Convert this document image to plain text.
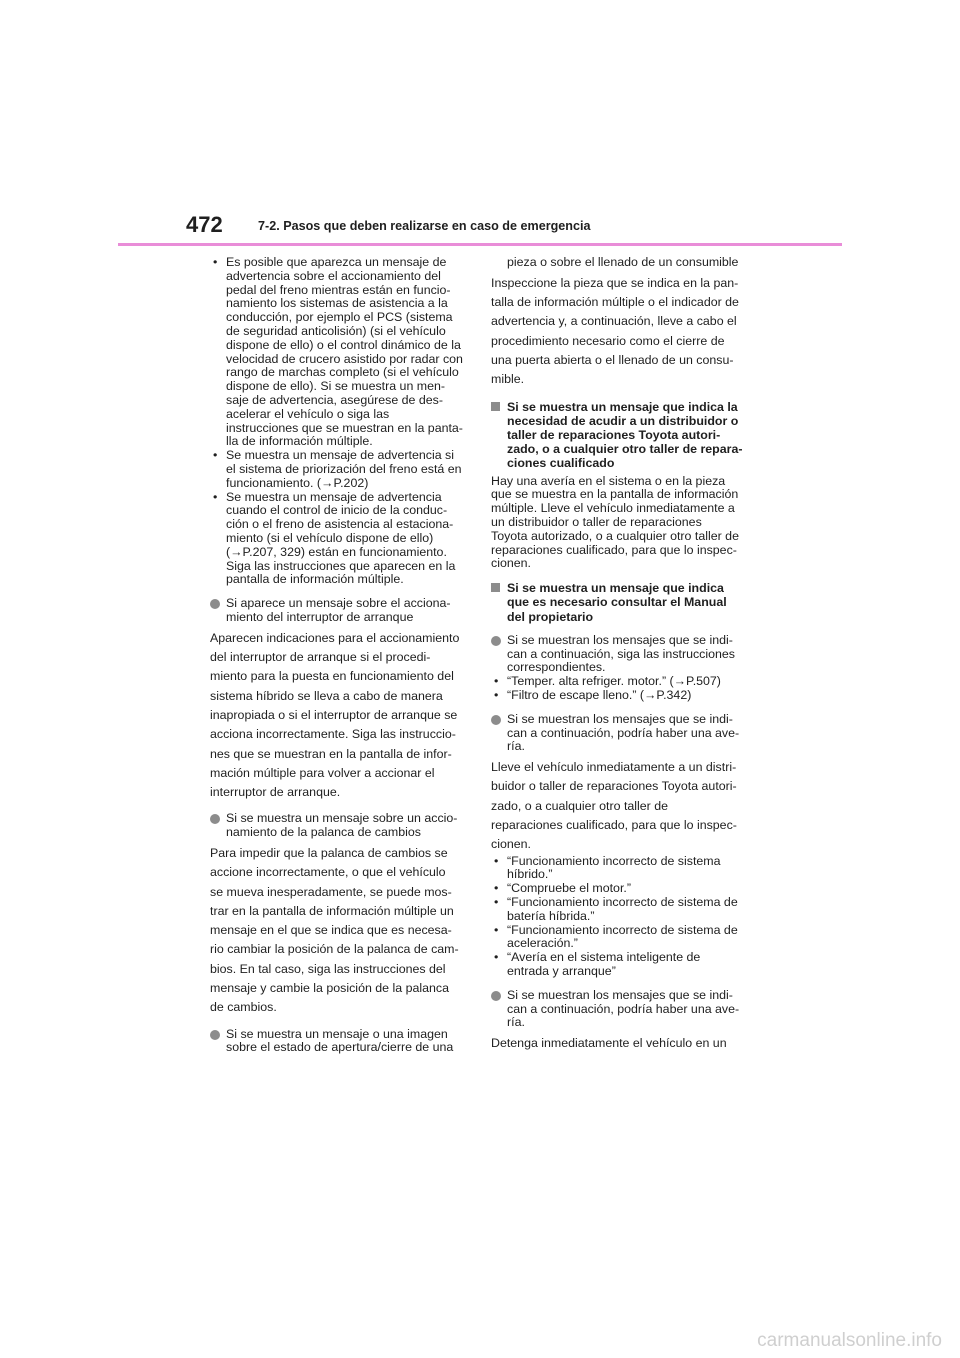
472	7-2. Pasos que deben realizarse en caso de emergencia
• Es posible que aparezca un mensaje de
advertencia sobre el accionamiento del
pedal del freno mientras están en funcio-
namiento los sistemas de asistencia a la
conducción, por ejemplo el PCS (sistema
de seguridad anticolisión) (si el vehículo
dispone de ello) o el control dinámico de la
velocidad de crucero asistido por radar con
rango de marchas completo (si el vehículo
dispone de ello). Si se muestra un men-
saje de advertencia, asegúrese de des-
acelerar el vehículo o siga las
instrucciones que se muestran en la panta-
lla de información múltiple.
• Se muestra un mensaje de advertencia si
el sistema de priorización del freno está en
funcionamiento. (→P.202)
• Se muestra un mensaje de advertencia
cuando el control de inicio de la conduc-
ción o el freno de asistencia al estaciona-
miento (si el vehículo dispone de ello)
(→P.207, 329) están en funcionamiento.
Siga las instrucciones que aparecen en la
pantalla de información múltiple.
Si aparece un mensaje sobre el acciona-
miento del interruptor de arranque
Aparecen indicaciones para el accionamiento
del interruptor de arranque si el procedi-
miento para la puesta en funcionamiento del
sistema híbrido se lleva a cabo de manera
inapropiada o si el interruptor de arranque se
acciona incorrectamente. Siga las instruccio-
nes que se muestran en la pantalla de infor-
mación múltiple para volver a accionar el
interruptor de arranque.
Si se muestra un mensaje sobre un accio-
namiento de la palanca de cambios
Para impedir que la palanca de cambios se
accione incorrectamente, o que el vehículo
se mueva inesperadamente, se puede mos-
trar en la pantalla de información múltiple un
mensaje en el que se indica que es necesa-
rio cambiar la posición de la palanca de cam-
bios. En tal caso, siga las instrucciones del
mensaje y cambie la posición de la palanca
de cambios.
Si se muestra un mensaje o una imagen
sobre el estado de apertura/cierre de una
pieza o sobre el llenado de un consumible
Inspeccione la pieza que se indica en la pan-
talla de información múltiple o el indicador de
advertencia y, a continuación, lleve a cabo el
procedimiento necesario como el cierre de
una puerta abierta o el llenado de un consu-
mible.
Si se muestra un mensaje que indica la
necesidad de acudir a un distribuidor o
taller de reparaciones Toyota autori-
zado, o a cualquier otro taller de repara-
ciones cualificado
Hay una avería en el sistema o en la pieza
que se muestra en la pantalla de información
múltiple. Lleve el vehículo inmediatamente a
un distribuidor o taller de reparaciones
Toyota autorizado, o a cualquier otro taller de
reparaciones cualificado, para que lo inspec-
cionen.
Si se muestra un mensaje que indica
que es necesario consultar el Manual
del propietario
Si se muestran los mensajes que se indi-
can a continuación, siga las instrucciones
correspondientes.
• “Temper. alta refriger. motor.” (→P.507)
• “Filtro de escape lleno.” (→P.342)
Si se muestran los mensajes que se indi-
can a continuación, podría haber una ave-
ría.
Lleve el vehículo inmediatamente a un distri-
buidor o taller de reparaciones Toyota autori-
zado, o a cualquier otro taller de
reparaciones cualificado, para que lo inspec-
cionen.
• “Funcionamiento incorrecto de sistema
híbrido.”
• “Compruebe el motor.”
• “Funcionamiento incorrecto de sistema de
batería híbrida.”
• “Funcionamiento incorrecto de sistema de
aceleración.”
• “Avería en el sistema inteligente de
entrada y arranque”
Si se muestran los mensajes que se indi-
can a continuación, podría haber una ave-
ría.
Detenga inmediatamente el vehículo en un
carmanualsonline.info
